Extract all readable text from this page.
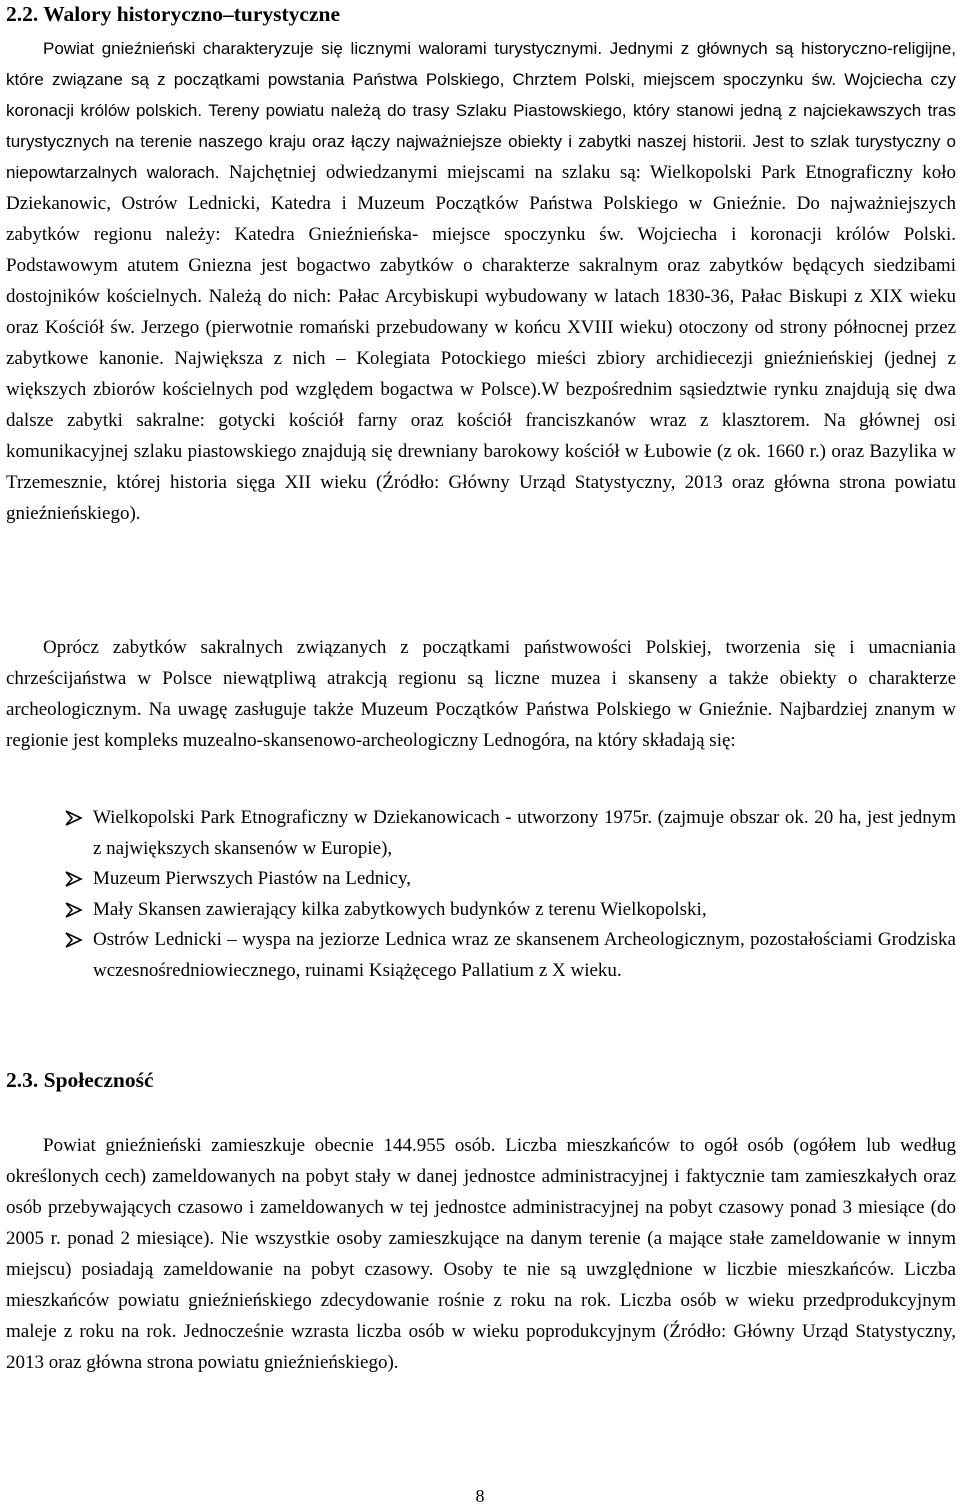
2.2. Walory historyczno–turystyczne

Powiat gnieźnieński charakteryzuje się licznymi walorami turystycznymi. Jednymi z głównych są historyczno-religijne, które związane są z początkami powstania Państwa Polskiego, Chrztem Polski, miejscem spoczynku św. Wojciecha czy koronacji królów polskich. Tereny powiatu należą do trasy Szlaku Piastowskiego, który stanowi jedną z najciekawszych tras turystycznych na terenie naszego kraju oraz łączy najważniejsze obiekty i zabytki naszej historii. Jest to szlak turystyczny o niepowtarzalnych walorach. Najchętniej odwiedzanymi miejscami na szlaku są: Wielkopolski Park Etnograficzny koło Dziekanowic, Ostrów Lednicki, Katedra i Muzeum Początków Państwa Polskiego w Gnieźnie. Do najważniejszych zabytków regionu należy: Katedra Gnieźnieńska- miejsce spoczynku św. Wojciecha i koronacji królów Polski. Podstawowym atutem Gniezna jest bogactwo zabytków o charakterze sakralnym oraz zabytków będących siedzibami dostojników kościelnych. Należą do nich: Pałac Arcybiskupi wybudowany w latach 1830-36, Pałac Biskupi z XIX wieku oraz Kościół św. Jerzego (pierwotnie romański przebudowany w końcu XVIII wieku) otoczony od strony północnej przez zabytkowe kanonie. Największa z nich – Kolegiata Potockiego mieści zbiory archidiecezji gnieźnieńskiej (jednej z większych zbiorów kościelnych pod względem bogactwa w Polsce).W bezpośrednim sąsiedztwie rynku znajdują się dwa dalsze zabytki sakralne: gotycki kościół farny oraz kościół franciszkanów wraz z klasztorem. Na głównej osi komunikacyjnej szlaku piastowskiego znajdują się drewniany barokowy kościół w Łubowie (z ok. 1660 r.) oraz Bazylika w Trzemesznie, której historia sięga XII wieku (Źródło: Główny Urząd Statystyczny, 2013 oraz główna strona powiatu gnieźnieńskiego).

Oprócz zabytków sakralnych związanych z początkami państwowości Polskiej, tworzenia się i umacniania chrześcijaństwa w Polsce niewątpliwą atrakcją regionu są liczne muzea i skanseny a także obiekty o charakterze archeologicznym. Na uwagę zasługuje także Muzeum Początków Państwa Polskiego w Gnieźnie. Najbardziej znanym w regionie jest kompleks muzealno-skansenowo-archeologiczny Lednogóra, na który składają się:

Wielkopolski Park Etnograficzny w Dziekanowicach - utworzony 1975r. (zajmuje obszar ok. 20 ha, jest jednym z największych skansenów w Europie),
Muzeum Pierwszych Piastów na Lednicy,
Mały Skansen zawierający kilka zabytkowych budynków z terenu Wielkopolski,
Ostrów Lednicki – wyspa na jeziorze Lednica wraz ze skansenem Archeologicznym, pozostałościami Grodziska wczesnośredniowiecznego, ruinami Książęcego Pallatium z X wieku.
2.3. Społeczność

Powiat gnieźnieński zamieszkuje obecnie 144.955 osób. Liczba mieszkańców to ogół osób (ogółem lub według określonych cech) zameldowanych na pobyt stały w danej jednostce administracyjnej i faktycznie tam zamieszkałych oraz osób przebywających czasowo i zameldowanych w tej jednostce administracyjnej na pobyt czasowy ponad 3 miesiące (do 2005 r. ponad 2 miesiące). Nie wszystkie osoby zamieszkujące na danym terenie (a mające stałe zameldowanie w innym miejscu) posiadają zameldowanie na pobyt czasowy. Osoby te nie są uwzględnione w liczbie mieszkańców. Liczba mieszkańców powiatu gnieźnieńskiego zdecydowanie rośnie z roku na rok. Liczba osób w wieku przedprodukcyjnym maleje z roku na rok. Jednocześnie wzrasta liczba osób w wieku poprodukcyjnym (Źródło: Główny Urząd Statystyczny, 2013 oraz główna strona powiatu gnieźnieńskiego).

8
